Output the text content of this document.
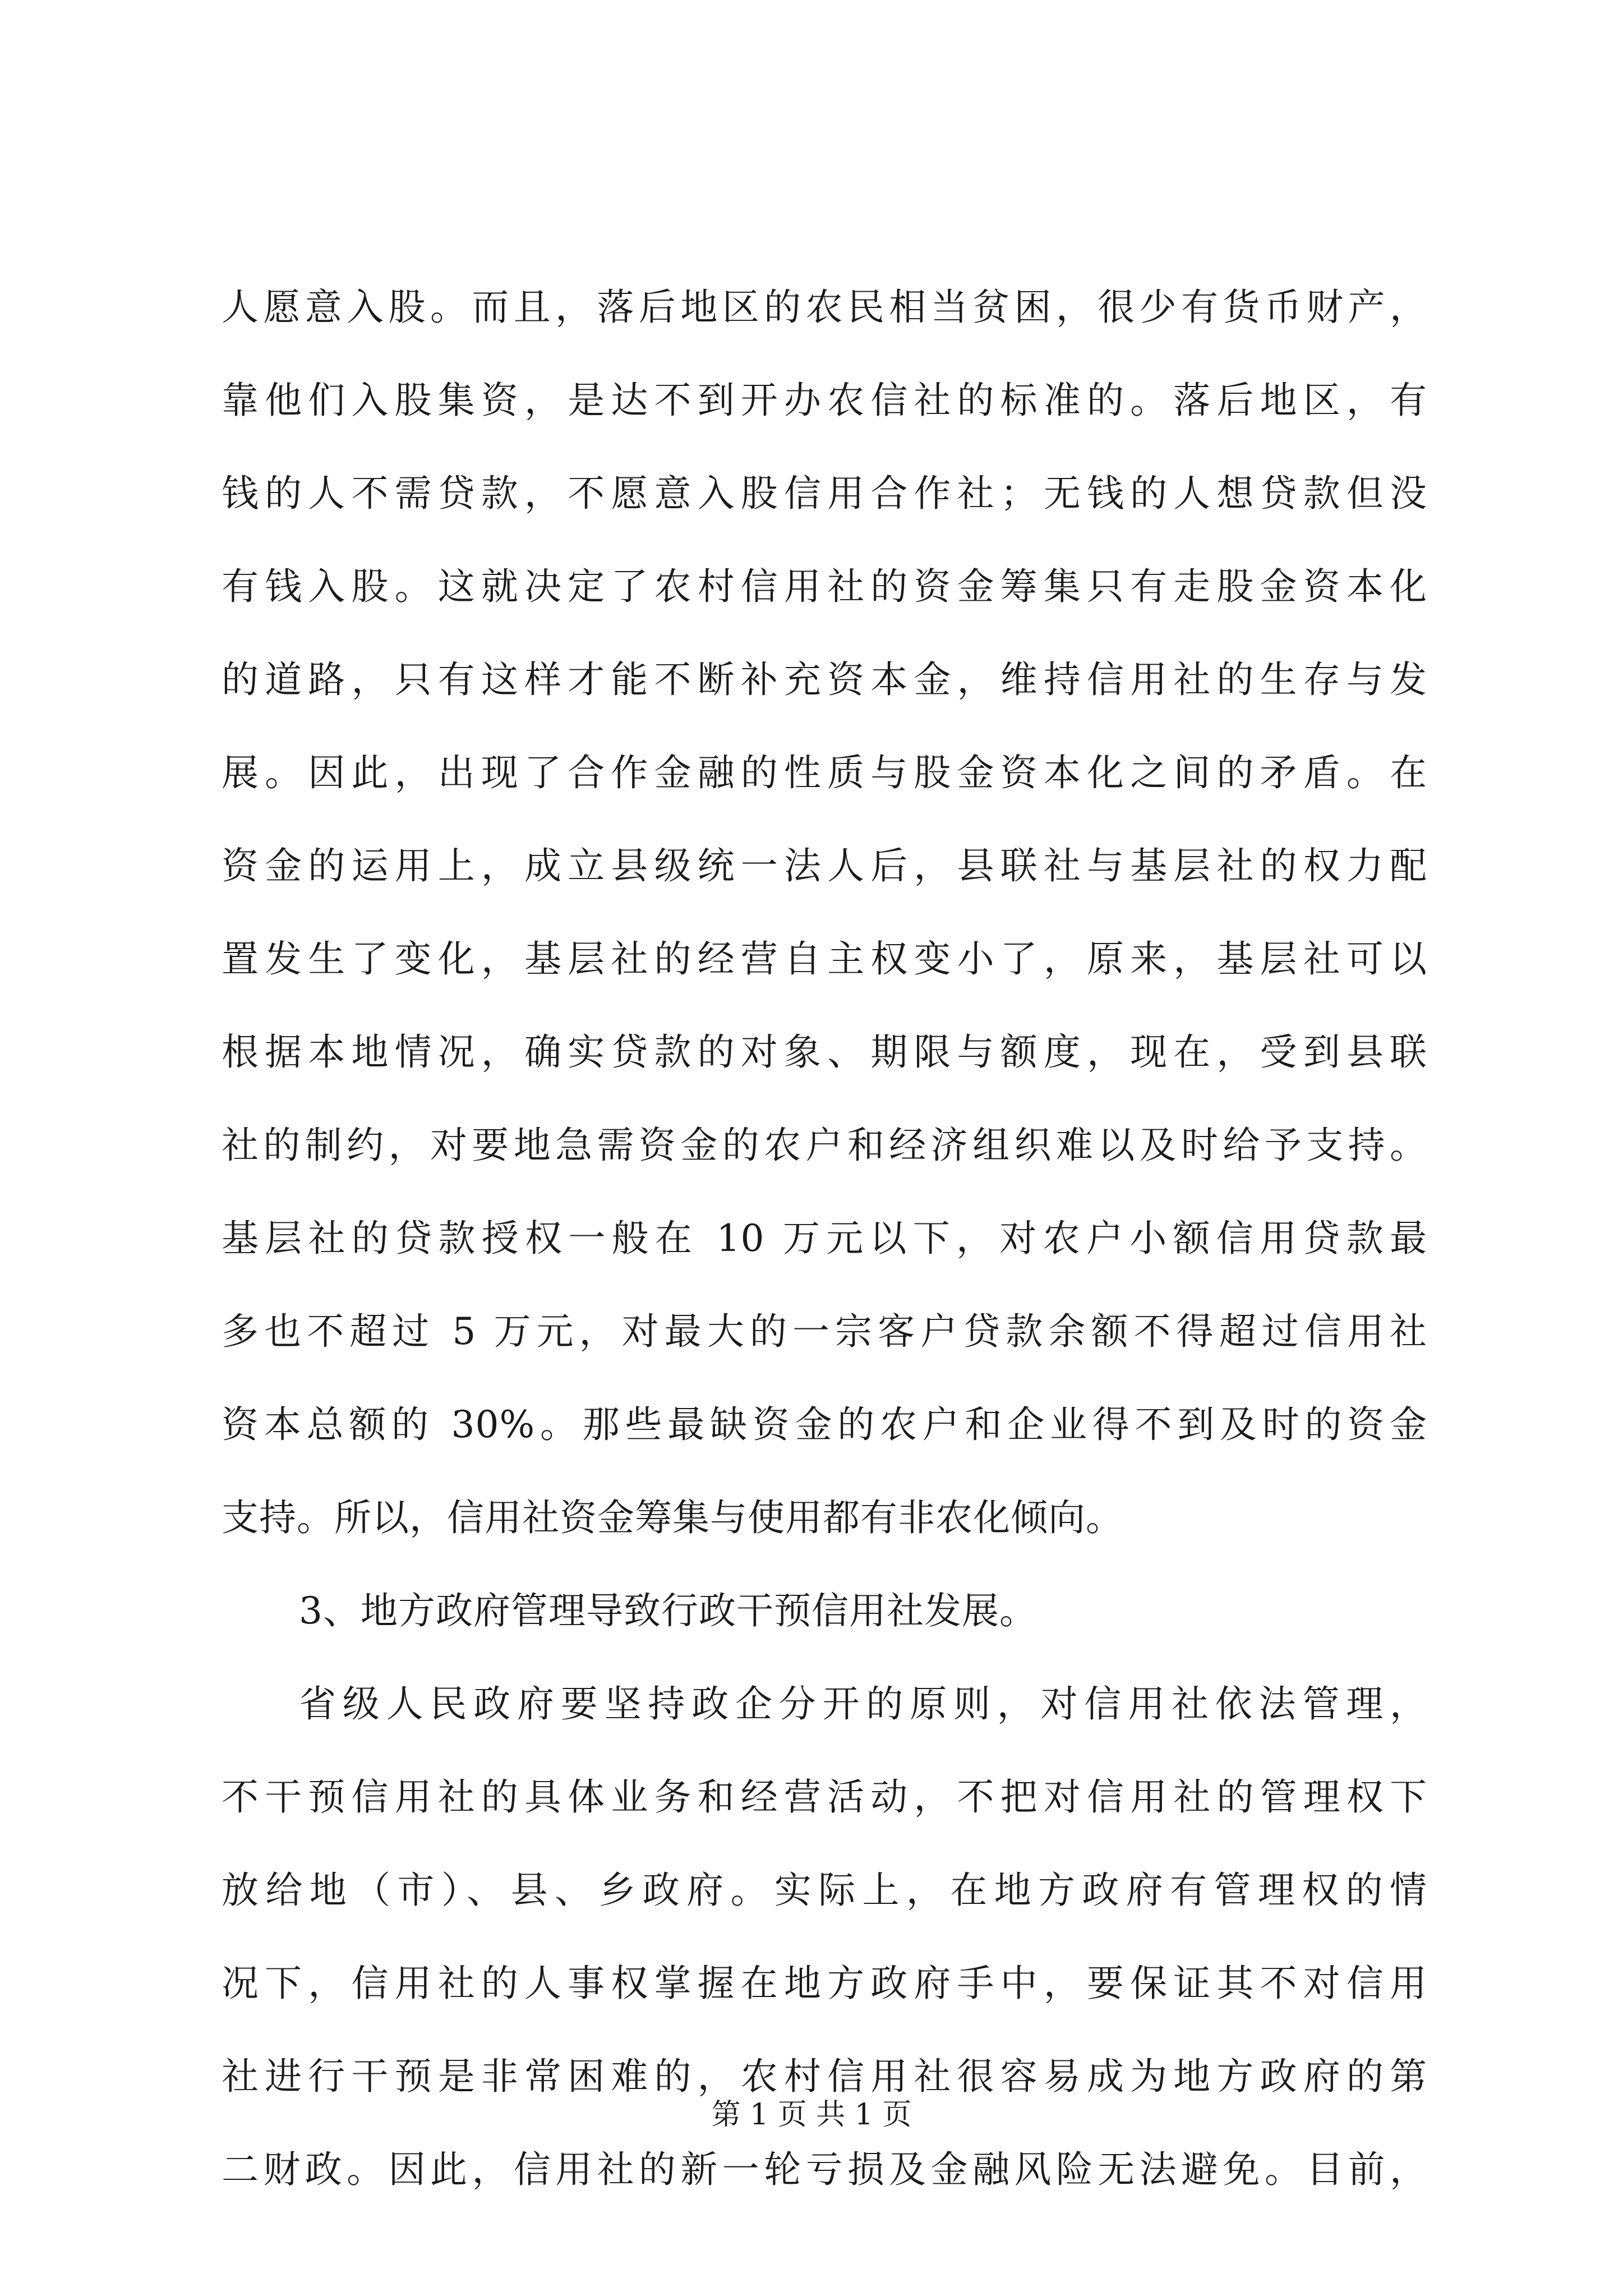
人愿意入股。而且，落后地区的农民相当贫困，很少有货币财产，
靠他们入股集资，是达不到开办农信社的标准的。落后地区，有
钱的人不需贷款，不愿意入股信用合作社；无钱的人想贷款但没
有钱入股。这就决定了农村信用社的资金筹集只有走股金资本化
的道路，只有这样才能不断补充资本金，维持信用社的生存与发
展。因此，出现了合作金融的性质与股金资本化之间的矛盾。在
资金的运用上，成立县级统一法人后，县联社与基层社的权力配
置发生了变化，基层社的经营自主权变小了，原来，基层社可以
根据本地情况，确实贷款的对象、期限与额度，现在，受到县联
社的制约，对要地急需资金的农户和经济组织难以及时给予支持。
基层社的贷款授权一般在 10 万元以下，对农户小额信用贷款最
多也不超过 5 万元，对最大的一宗客户贷款余额不得超过信用社
资本总额的 30%。那些最缺资金的农户和企业得不到及时的资金
支持。所以，信用社资金筹集与使用都有非农化倾向。
3、地方政府管理导致行政干预信用社发展。
省级人民政府要坚持政企分开的原则，对信用社依法管理，
不干预信用社的具体业务和经营活动，不把对信用社的管理权下
放给地（市）、县、乡政府。实际上，在地方政府有管理权的情
况下，信用社的人事权掌握在地方政府手中，要保证其不对信用
社进行干预是非常困难的，农村信用社很容易成为地方政府的第
二财政。因此，信用社的新一轮亏损及金融风险无法避免。目前，
第 1 页 共 1 页
